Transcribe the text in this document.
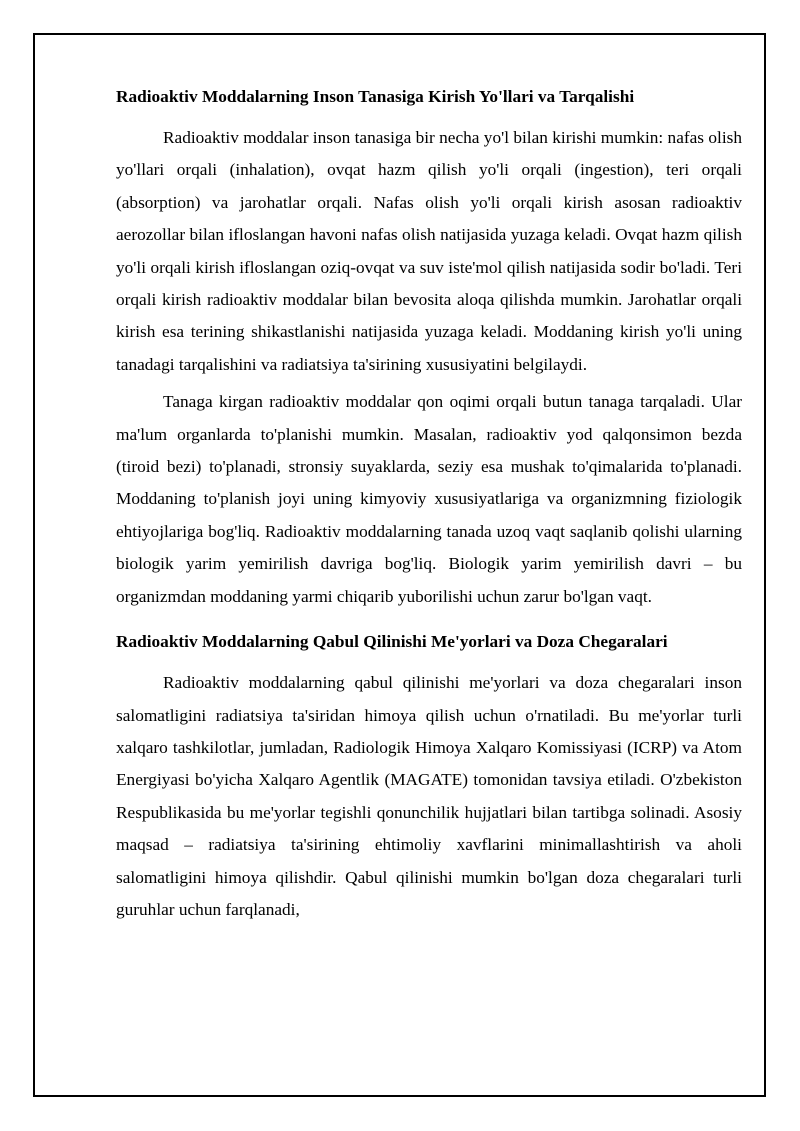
Radioaktiv Moddalarning Inson Tanasiga Kirish Yo'llari va Tarqalishi

Radioaktiv moddalar inson tanasiga bir necha yo'l bilan kirishi mumkin: nafas olish yo'llari orqali (inhalation), ovqat hazm qilish yo'li orqali (ingestion), teri orqali (absorption) va jarohatlar orqali. Nafas olish yo'li orqali kirish asosan radioaktiv aerozollar bilan ifloslangan havoni nafas olish natijasida yuzaga keladi. Ovqat hazm qilish yo'li orqali kirish ifloslangan oziq-ovqat va suv iste'mol qilish natijasida sodir bo'ladi. Teri orqali kirish radioaktiv moddalar bilan bevosita aloqa qilishda mumkin. Jarohatlar orqali kirish esa terining shikastlanishi natijasida yuzaga keladi. Moddaning kirish yo'li uning tanadagi tarqalishini va radiatsiya ta'sirining xususiyatini belgilaydi.

Tanaga kirgan radioaktiv moddalar qon oqimi orqali butun tanaga tarqaladi. Ular ma'lum organlarda to'planishi mumkin. Masalan, radioaktiv yod qalqonsimon bezda (tiroid bezi) to'planadi, stronsiy suyaklarda, seziy esa mushak to'qimalarida to'planadi. Moddaning to'planish joyi uning kimyoviy xususiyatlariga va organizmning fiziologik ehtiyojlariga bog'liq. Radioaktiv moddalarning tanada uzoq vaqt saqlanib qolishi ularning biologik yarim yemirilish davriga bog'liq. Biologik yarim yemirilish davri – bu organizmdan moddaning yarmi chiqarib yuborilishi uchun zarur bo'lgan vaqt.

Radioaktiv Moddalarning Qabul Qilinishi Me'yorlari va Doza Chegaralari

Radioaktiv moddalarning qabul qilinishi me'yorlari va doza chegaralari inson salomatligini radiatsiya ta'siridan himoya qilish uchun o'rnatiladi. Bu me'yorlar turli xalqaro tashkilotlar, jumladan, Radiologik Himoya Xalqaro Komissiyasi (ICRP) va Atom Energiyasi bo'yicha Xalqaro Agentlik (MAGATE) tomonidan tavsiya etiladi. O'zbekiston Respublikasida bu me'yorlar tegishli qonunchilik hujjatlari bilan tartibga solinadi. Asosiy maqsad – radiatsiya ta'sirining ehtimoliy xavflarini minimallashtirish va aholi salomatligini himoya qilishdir. Qabul qilinishi mumkin bo'lgan doza chegaralari turli guruhlar uchun farqlanadi,
